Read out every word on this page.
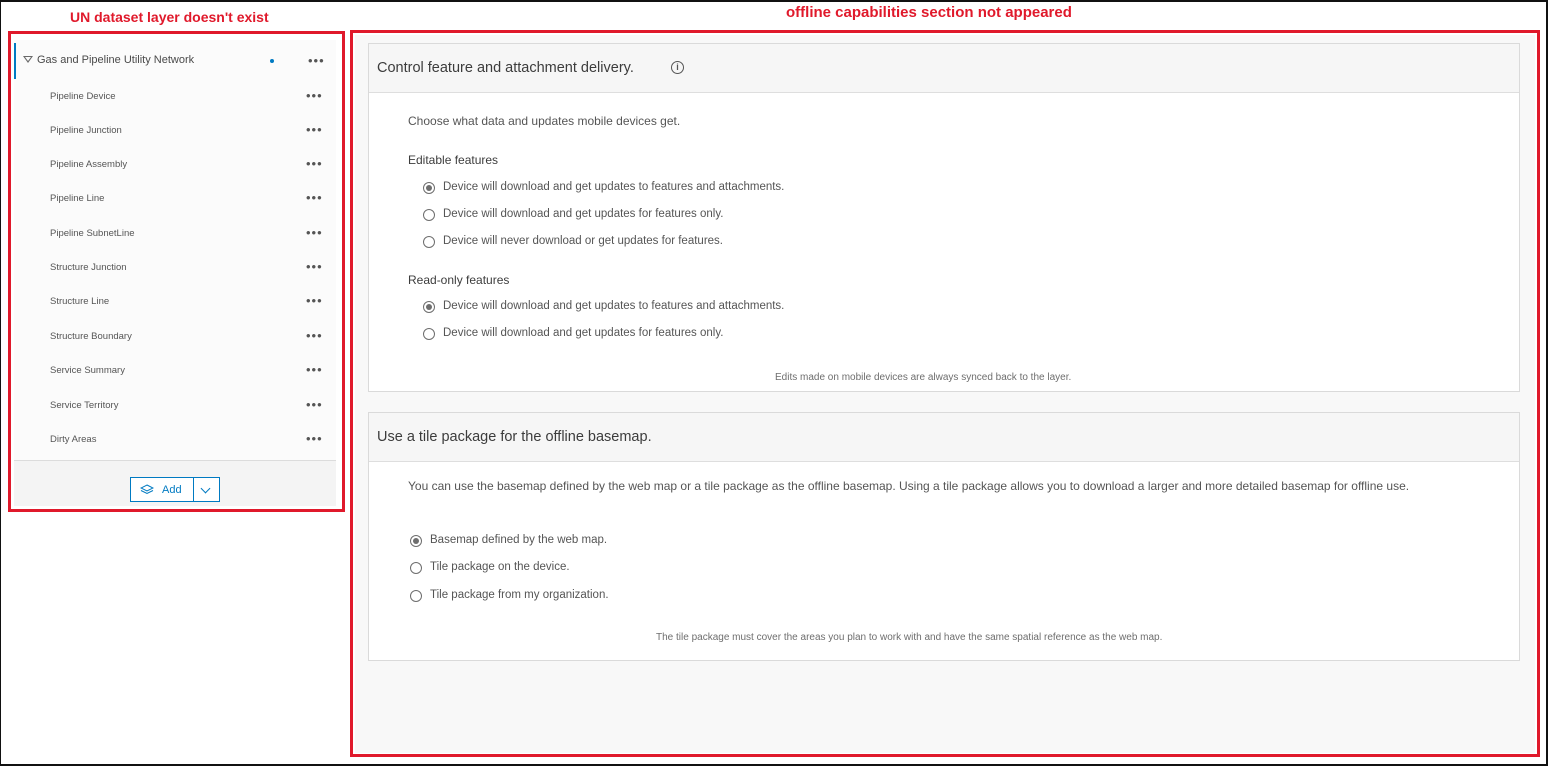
UN dataset layer doesn't exist	offline capabilities section not appeared
Gas and Pipeline Utility Network	•••
Pipeline Device	•••
Pipeline Junction	•••
Pipeline Assembly	•••
Pipeline Line	•••
Pipeline SubnetLine	•••
Structure Junction	•••
Structure Line	•••
Structure Boundary	•••
Service Summary	•••
Service Territory	•••
Dirty Areas	•••
Add
Control feature and attachment delivery.	i
Choose what data and updates mobile devices get.
Editable features
Device will download and get updates to features and attachments.
Device will download and get updates for features only.
Device will never download or get updates for features.
Read-only features
Device will download and get updates to features and attachments.
Device will download and get updates for features only.
Edits made on mobile devices are always synced back to the layer.
Use a tile package for the offline basemap.
You can use the basemap defined by the web map or a tile package as the offline basemap. Using a tile package allows you to download a larger and more detailed basemap for offline use.
Basemap defined by the web map.
Tile package on the device.
Tile package from my organization.
The tile package must cover the areas you plan to work with and have the same spatial reference as the web map.
